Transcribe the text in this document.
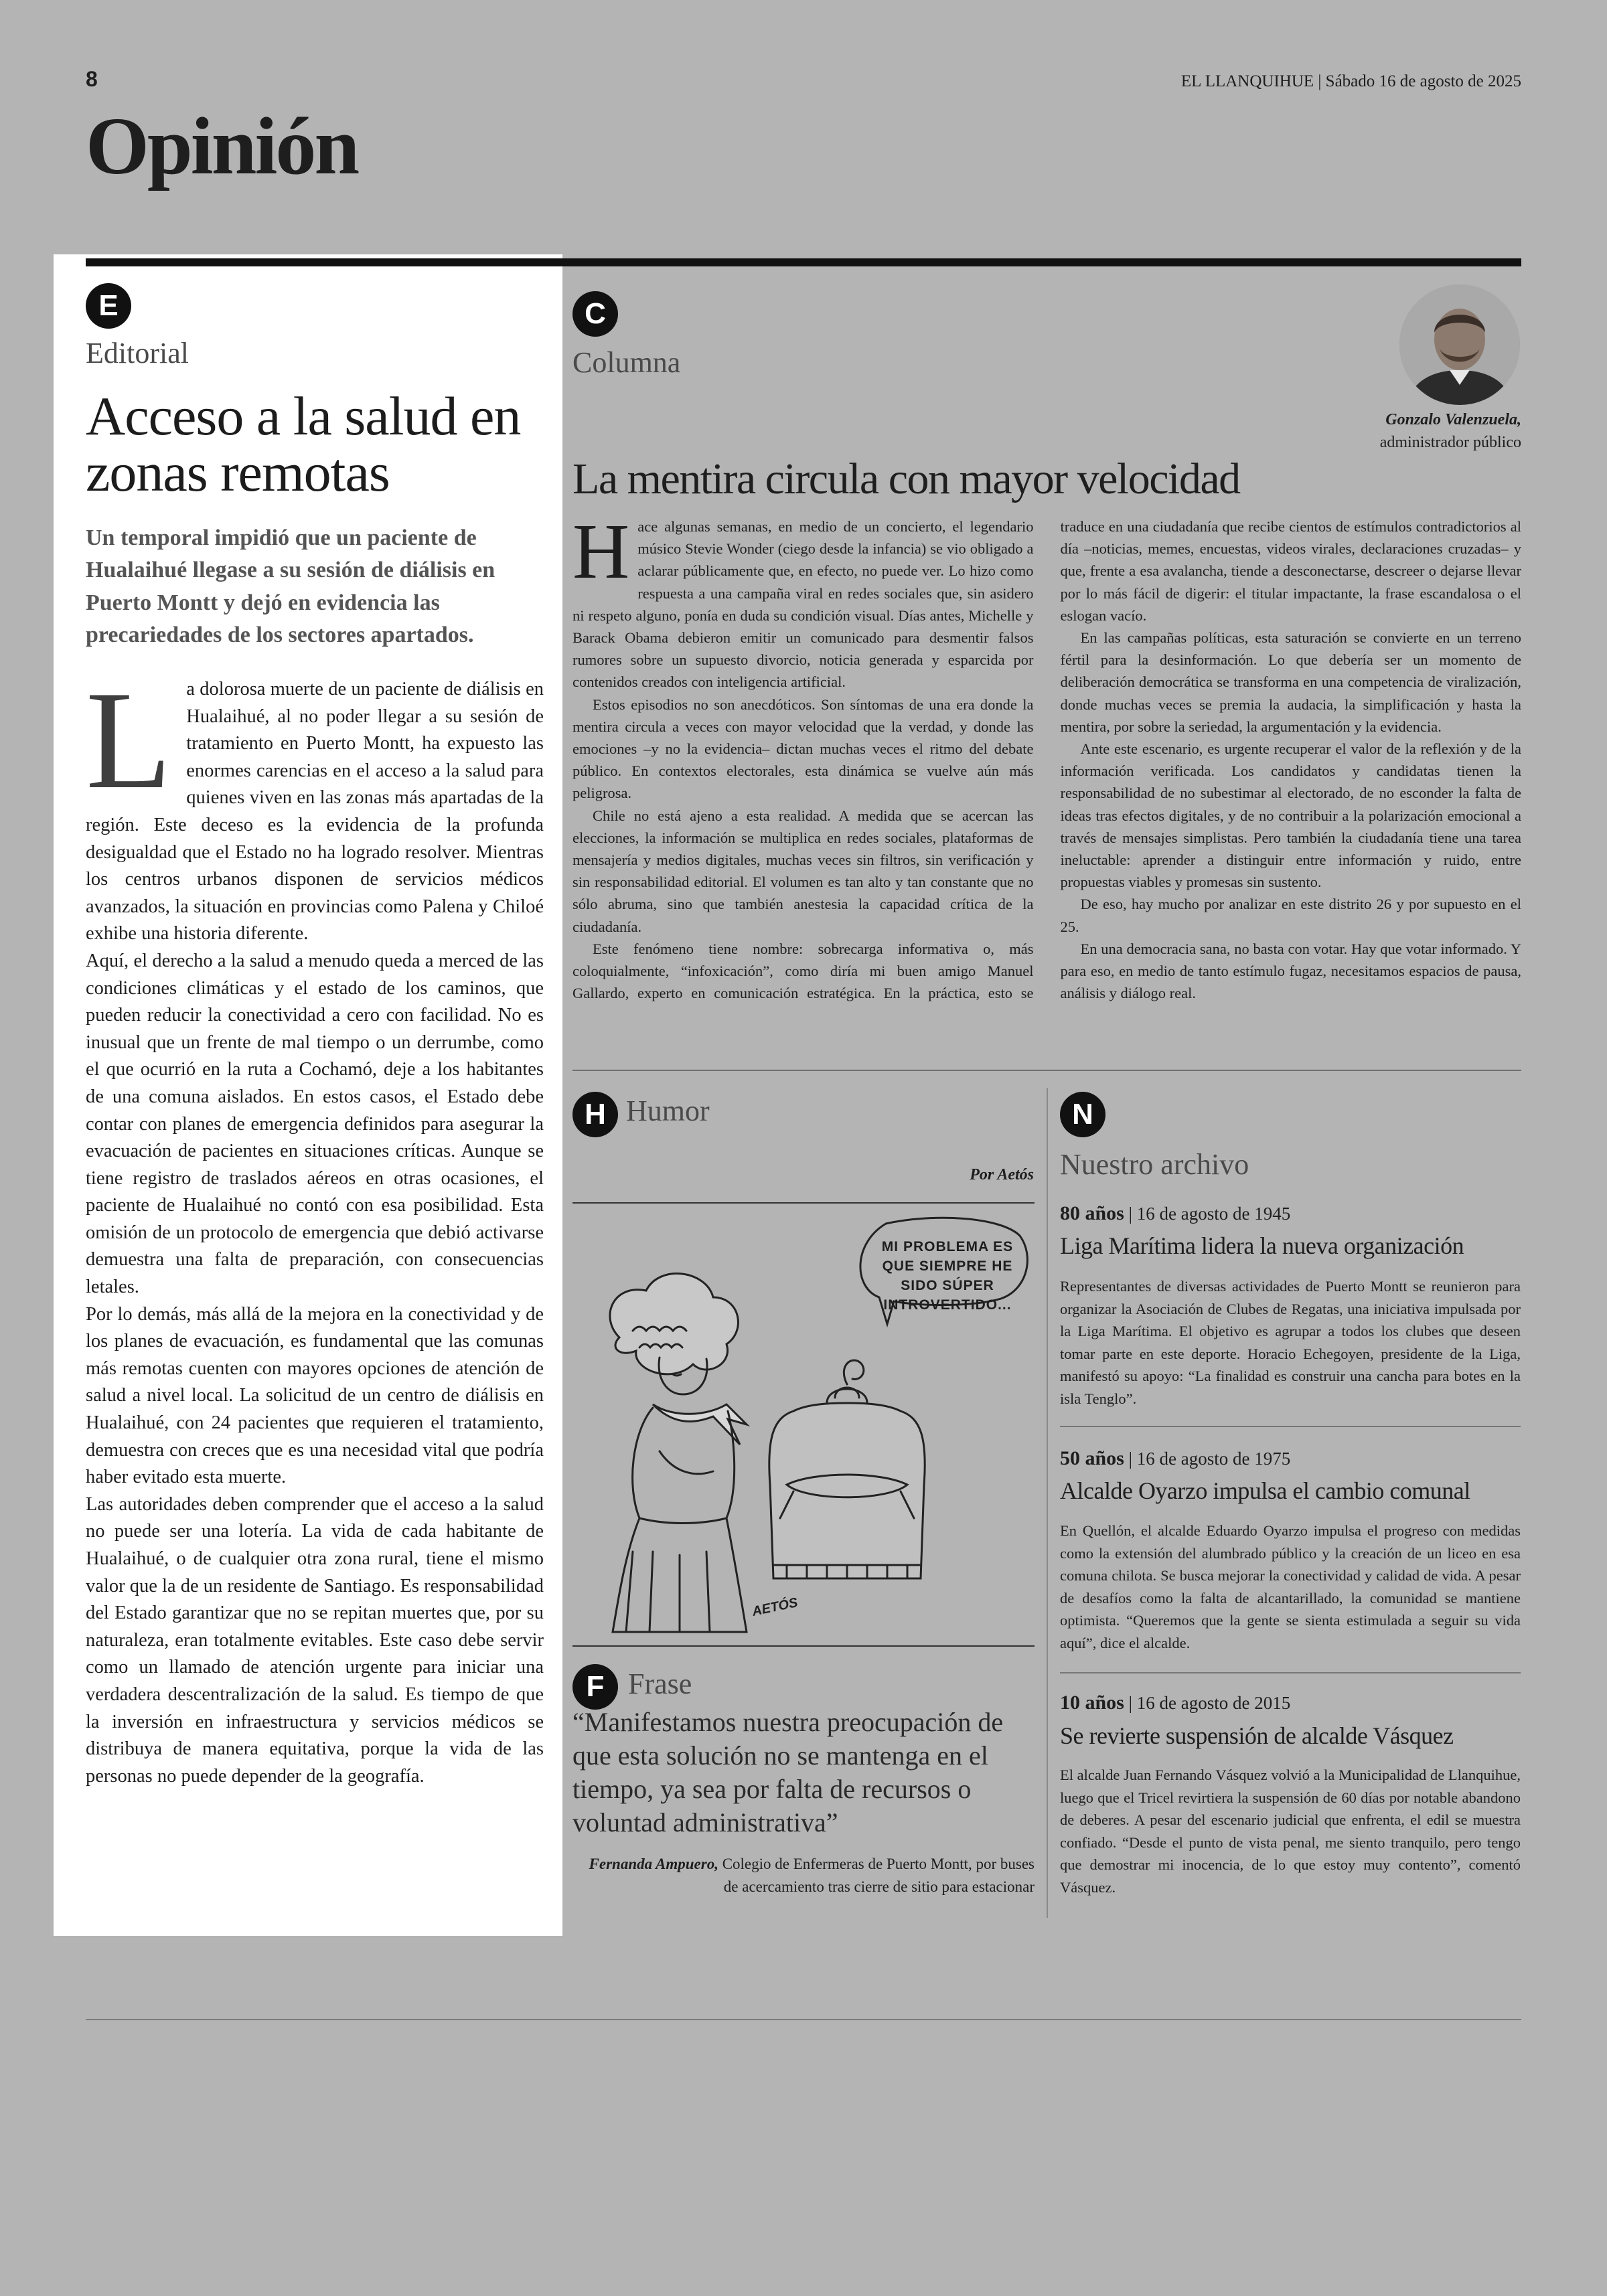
8	EL LLANQUIHUE | Sábado 16 de agosto de 2025
Opinión
E
Editorial
Acceso a la salud en zonas remotas
Un temporal impidió que un paciente de Hualaihué llegase a su sesión de diálisis en Puerto Montt y dejó en evidencia las precariedades de los sectores apartados.
L a dolorosa muerte de un paciente de diálisis en Hualaihué, al no poder llegar a su sesión de tratamiento en Puerto Montt, ha expuesto las enormes carencias en el acceso a la salud para quienes viven en las zonas más apartadas de la región. Este deceso es la evidencia de la profunda desigualdad que el Estado no ha logrado resolver. Mientras los centros urbanos disponen de servicios médicos avanzados, la situación en provincias como Palena y Chiloé exhibe una historia diferente.

Aquí, el derecho a la salud a menudo queda a merced de las condiciones climáticas y el estado de los caminos, que pueden reducir la conectividad a cero con facilidad. No es inusual que un frente de mal tiempo o un derrumbe, como el que ocurrió en la ruta a Cochamó, deje a los habitantes de una comuna aislados. En estos casos, el Estado debe contar con planes de emergencia definidos para asegurar la evacuación de pacientes en situaciones críticas. Aunque se tiene registro de traslados aéreos en otras ocasiones, el paciente de Hualaihué no contó con esa posibilidad. Esta omisión de un protocolo de emergencia que debió activarse demuestra una falta de preparación, con consecuencias letales.

Por lo demás, más allá de la mejora en la conectividad y de los planes de evacuación, es fundamental que las comunas más remotas cuenten con mayores opciones de atención de salud a nivel local. La solicitud de un centro de diálisis en Hualaihué, con 24 pacientes que requieren el tratamiento, demuestra con creces que es una necesidad vital que podría haber evitado esta muerte.

Las autoridades deben comprender que el acceso a la salud no puede ser una lotería. La vida de cada habitante de Hualaihué, o de cualquier otra zona rural, tiene el mismo valor que la de un residente de Santiago. Es responsabilidad del Estado garantizar que no se repitan muertes que, por su naturaleza, eran totalmente evitables. Este caso debe servir como un llamado de atención urgente para iniciar una verdadera descentralización de la salud. Es tiempo de que la inversión en infraestructura y servicios médicos se distribuya de manera equitativa, porque la vida de las personas no puede depender de la geografía.

C
Columna
Gonzalo Valenzuela,
administrador público
La mentira circula con mayor velocidad
H ace algunas semanas, en medio de un concierto, el legendario músico Stevie Wonder (ciego desde la infancia) se vio obligado a aclarar públicamente que, en efecto, no puede ver. Lo hizo como respuesta a una campaña viral en redes sociales que, sin asidero ni respeto alguno, ponía en duda su condición visual. Días antes, Michelle y Barack Obama debieron emitir un comunicado para desmentir falsos rumores sobre un supuesto divorcio, noticia generada y esparcida por contenidos creados con inteligencia artificial.

Estos episodios no son anecdóticos. Son síntomas de una era donde la mentira circula a veces con mayor velocidad que la verdad, y donde las emociones –y no la evidencia– dictan muchas veces el ritmo del debate público. En contextos electorales, esta dinámica se vuelve aún más peligrosa.

Chile no está ajeno a esta realidad. A medida que se acercan las elecciones, la información se multiplica en redes sociales, plataformas de mensajería y medios digitales, muchas veces sin filtros, sin verificación y sin responsabilidad editorial. El volumen es tan alto y tan constante que no sólo abruma, sino que también anestesia la capacidad crítica de la ciudadanía.

Este fenómeno tiene nombre: sobrecarga informativa o, más coloquialmente, “infoxicación”, como diría mi buen amigo Manuel Gallardo, experto en comunicación estratégica. En la práctica, esto se traduce en una ciudadanía que recibe cientos de estímulos contradictorios al día –noticias, memes, encuestas, videos virales, declaraciones cruzadas– y que, frente a esa avalancha, tiende a desconectarse, descreer o dejarse llevar por lo más fácil de digerir: el titular impactante, la frase escandalosa o el eslogan vacío.

En las campañas políticas, esta saturación se convierte en un terreno fértil para la desinformación. Lo que debería ser un momento de deliberación democrática se transforma en una competencia de viralización, donde muchas veces se premia la audacia, la simplificación y hasta la mentira, por sobre la seriedad, la argumentación y la evidencia.

Ante este escenario, es urgente recuperar el valor de la reflexión y de la información verificada. Los candidatos y candidatas tienen la responsabilidad de no subestimar al electorado, de no esconder la falta de ideas tras efectos digitales, y de no contribuir a la polarización emocional a través de mensajes simplistas. Pero también la ciudadanía tiene una tarea ineluctable: aprender a distinguir entre información y ruido, entre propuestas viables y promesas sin sustento.

De eso, hay mucho por analizar en este distrito 26 y por supuesto en el 25.

En una democracia sana, no basta con votar. Hay que votar informado. Y para eso, en medio de tanto estímulo fugaz, necesitamos espacios de pausa, análisis y diálogo real.

H Humor
Por Aetós
MI PROBLEMA ES QUE SIEMPRE HE SIDO SÚPER INTROVERTIDO...
AETÓS
F Frase
“Manifestamos nuestra preocupación de que esta solución no se mantenga en el tiempo, ya sea por falta de recursos o voluntad administrativa”
Fernanda Ampuero, Colegio de Enfermeras de Puerto Montt, por buses de acercamiento tras cierre de sitio para estacionar
N
Nuestro archivo
80 años | 16 de agosto de 1945
Liga Marítima lidera la nueva organización
Representantes de diversas actividades de Puerto Montt se reunieron para organizar la Asociación de Clubes de Regatas, una iniciativa impulsada por la Liga Marítima. El objetivo es agrupar a todos los clubes que deseen tomar parte en este deporte. Horacio Echegoyen, presidente de la Liga, manifestó su apoyo: “La finalidad es construir una cancha para botes en la isla Tenglo”.
50 años | 16 de agosto de 1975
Alcalde Oyarzo impulsa el cambio comunal
En Quellón, el alcalde Eduardo Oyarzo impulsa el progreso con medidas como la extensión del alumbrado público y la creación de un liceo en esa comuna chilota. Se busca mejorar la conectividad y calidad de vida. A pesar de desafíos como la falta de alcantarillado, la comunidad se mantiene optimista. “Queremos que la gente se sienta estimulada a seguir su vida aquí”, dice el alcalde.
10 años | 16 de agosto de 2015
Se revierte suspensión de alcalde Vásquez
El alcalde Juan Fernando Vásquez volvió a la Municipalidad de Llanquihue, luego que el Tricel revirtiera la suspensión de 60 días por notable abandono de deberes. A pesar del escenario judicial que enfrenta, el edil se muestra confiado. “Desde el punto de vista penal, me siento tranquilo, pero tengo que demostrar mi inocencia, de lo que estoy muy contento”, comentó Vásquez.
